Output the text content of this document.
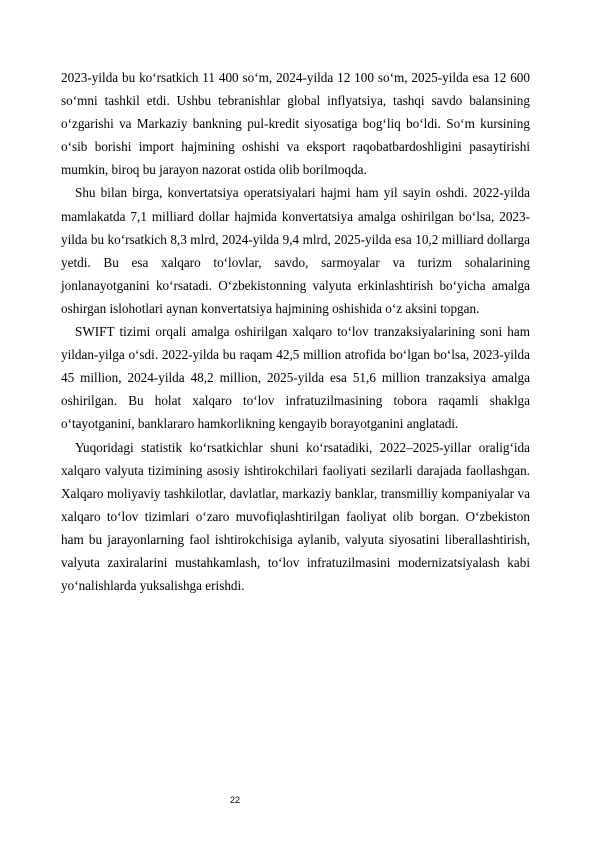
2023-yilda bu ko‘rsatkich 11 400 so‘m, 2024-yilda 12 100 so‘m, 2025-yilda esa 12 600 so‘mni tashkil etdi. Ushbu tebranishlar global inflyatsiya, tashqi savdo balansining o‘zgarishi va Markaziy bankning pul-kredit siyosatiga bog‘liq bo‘ldi. So‘m kursining o‘sib borishi import hajmining oshishi va eksport raqobatbardoshligini pasaytirishi mumkin, biroq bu jarayon nazorat ostida olib borilmoqda.

Shu bilan birga, konvertatsiya operatsiyalari hajmi ham yil sayin oshdi. 2022-yilda mamlakatda 7,1 milliard dollar hajmida konvertatsiya amalga oshirilgan bo‘lsa, 2023-yilda bu ko‘rsatkich 8,3 mlrd, 2024-yilda 9,4 mlrd, 2025-yilda esa 10,2 milliard dollarga yetdi. Bu esa xalqaro to‘lovlar, savdo, sarmoyalar va turizm sohalarining jonlanayotganini ko‘rsatadi. O‘zbekistonning valyuta erkinlashtirish bo‘yicha amalga oshirgan islohotlari aynan konvertatsiya hajmining oshishida o‘z aksini topgan.

SWIFT tizimi orqali amalga oshirilgan xalqaro to‘lov tranzaksiyalarining soni ham yildan-yilga o‘sdi. 2022-yilda bu raqam 42,5 million atrofida bo‘lgan bo‘lsa, 2023-yilda 45 million, 2024-yilda 48,2 million, 2025-yilda esa 51,6 million tranzaksiya amalga oshirilgan. Bu holat xalqaro to‘lov infratuzilmasining tobora raqamli shaklga o‘tayotganini, banklararo hamkorlikning kengayib borayotganini anglatadi.

Yuqoridagi statistik ko‘rsatkichlar shuni ko‘rsatadiki, 2022–2025-yillar oralig‘ida xalqaro valyuta tizimining asosiy ishtirokchilari faoliyati sezilarli darajada faollashgan. Xalqaro moliyaviy tashkilotlar, davlatlar, markaziy banklar, transmilliy kompaniyalar va xalqaro to‘lov tizimlari o‘zaro muvofiqlashtirilgan faoliyat olib borgan. O‘zbekiston ham bu jarayonlarning faol ishtirokchisiga aylanib, valyuta siyosatini liberallashtirish, valyuta zaxiralarini mustahkamlash, to‘lov infratuzilmasini modernizatsiyalash kabi yo‘nalishlarda yuksalishga erishdi.

22
